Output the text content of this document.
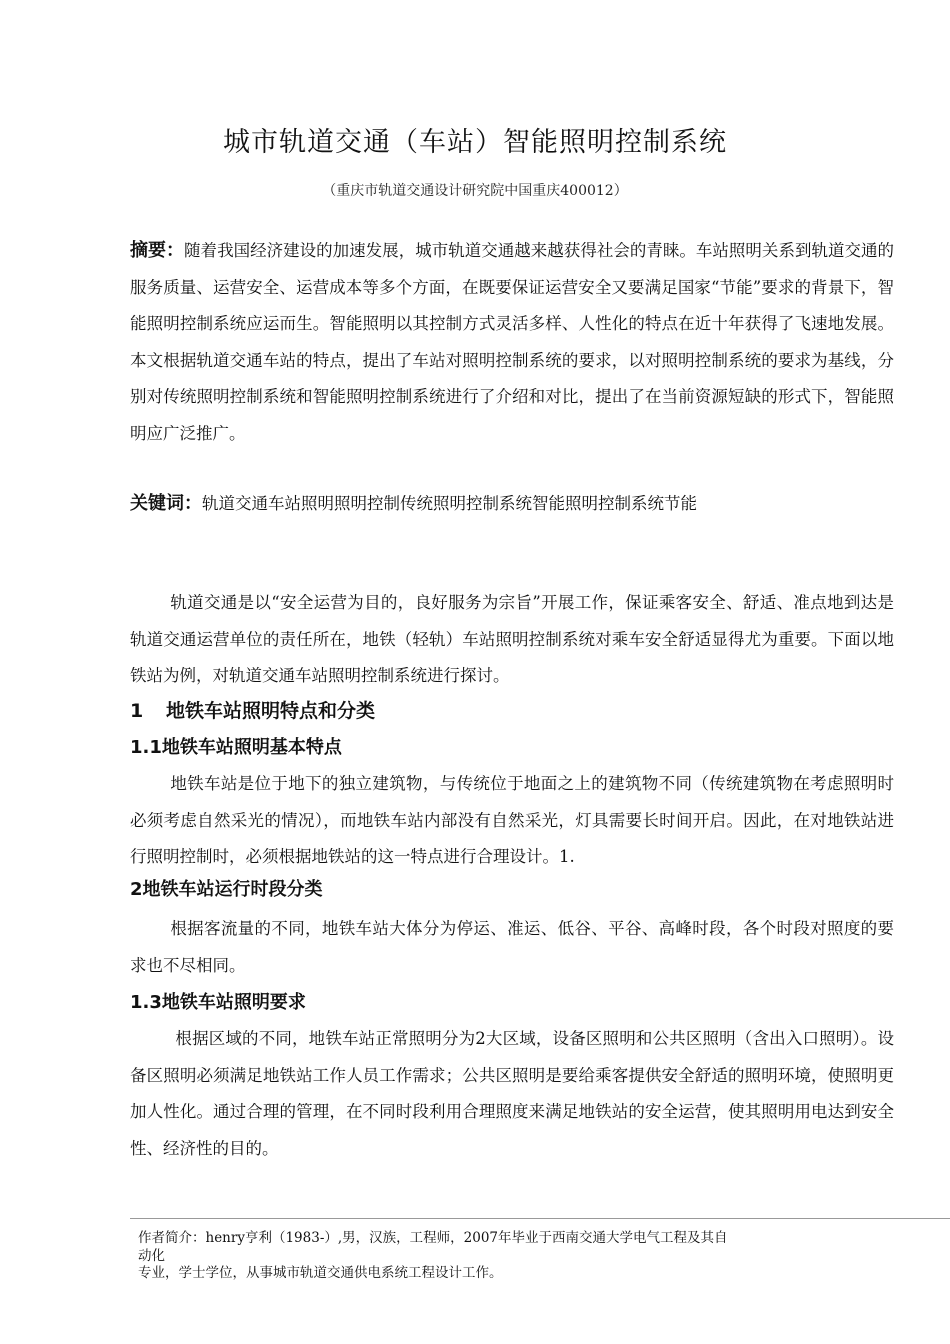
城市轨道交通（车站）智能照明控制系统
（重庆市轨道交通设计研究院中国重庆400012）

摘要：随着我国经济建设的加速发展，城市轨道交通越来越获得社会的青睐。车站照明关系到轨道交通的服务质量、运营安全、运营成本等多个方面，在既要保证运营安全又要满足国家“节能”要求的背景下，智能照明控制系统应运而生。智能照明以其控制方式灵活多样、人性化的特点在近十年获得了飞速地发展。本文根据轨道交通车站的特点，提出了车站对照明控制系统的要求，以对照明控制系统的要求为基线，分别对传统照明控制系统和智能照明控制系统进行了介绍和对比，提出了在当前资源短缺的形式下，智能照明应广泛推广。

关键词：轨道交通车站照明照明控制传统照明控制系统智能照明控制系统节能

轨道交通是以“安全运营为目的，良好服务为宗旨”开展工作，保证乘客安全、舒适、准点地到达是轨道交通运营单位的责任所在，地铁（轻轨）车站照明控制系统对乘车安全舒适显得尤为重要。下面以地铁站为例，对轨道交通车站照明控制系统进行探讨。

1 地铁车站照明特点和分类
1.1地铁车站照明基本特点

地铁车站是位于地下的独立建筑物，与传统位于地面之上的建筑物不同（传统建筑物在考虑照明时必须考虑自然采光的情况），而地铁车站内部没有自然采光，灯具需要长时间开启。因此，在对地铁站进行照明控制时，必须根据地铁站的这一特点进行合理设计。1.

2地铁车站运行时段分类

根据客流量的不同，地铁车站大体分为停运、准运、低谷、平谷、高峰时段，各个时段对照度的要求也不尽相同。

1.3地铁车站照明要求

根据区域的不同，地铁车站正常照明分为2大区域，设备区照明和公共区照明（含出入口照明）。设备区照明必须满足地铁站工作人员工作需求；公共区照明是要给乘客提供安全舒适的照明环境，使照明更加人性化。通过合理的管理，在不同时段利用合理照度来满足地铁站的安全运营，使其照明用电达到安全性、经济性的目的。

作者简介：henry亨利（1983-）,男，汉族，工程师，2007年毕业于西南交通大学电气工程及其自
动化
专业，学士学位，从事城市轨道交通供电系统工程设计工作。
